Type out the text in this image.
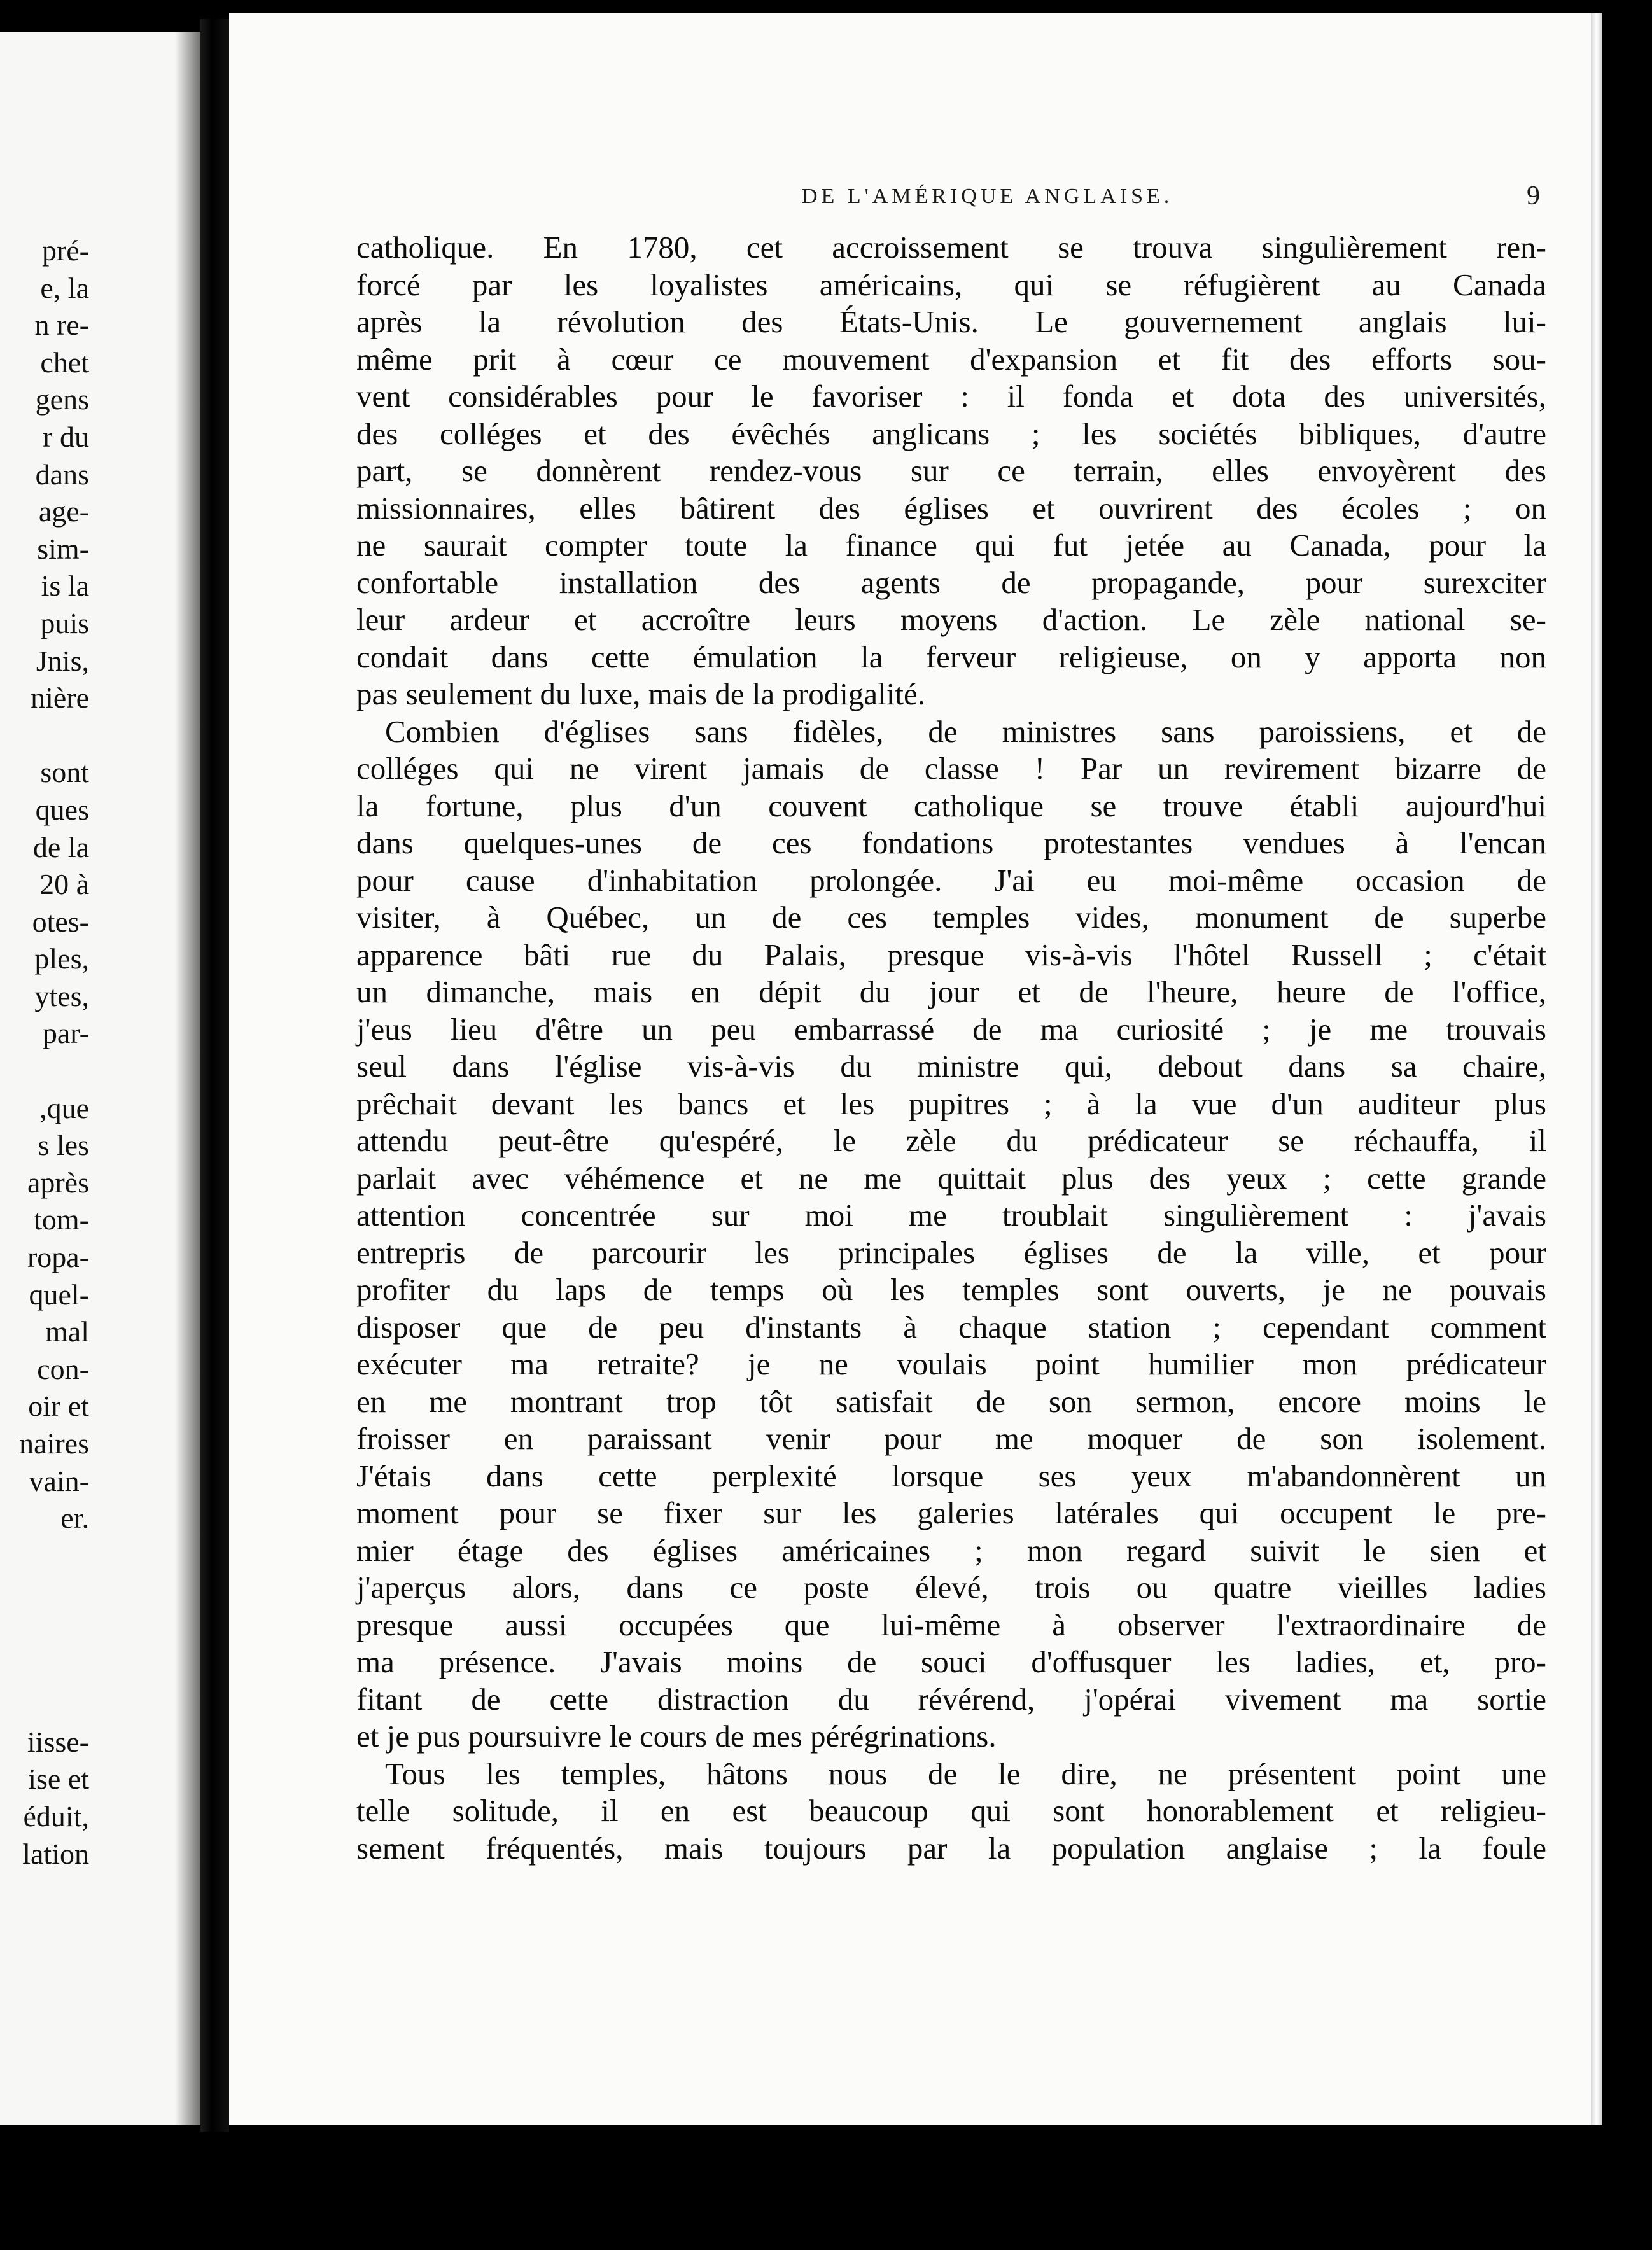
pré-
e, la
n re-
chet
gens
r du
dans
age-
sim-
is la
puis
Jnis,
nière
sont
ques
de la
20 à
otes-
ples,
ytes,
par-
,que
s les
après
tom-
ropa-
quel-
mal
con-
oir et
naires
vain-
er.
iisse-
ise et
éduit,
lation
DE L'AMÉRIQUE ANGLAISE.	9
catholique. En 1780, cet accroissement se trouva singulièrement ren-
forcé par les loyalistes américains, qui se réfugièrent au Canada
après la révolution des États-Unis. Le gouvernement anglais lui-
même prit à cœur ce mouvement d'expansion et fit des efforts sou-
vent considérables pour le favoriser : il fonda et dota des universités,
des colléges et des évêchés anglicans ; les sociétés bibliques, d'autre
part, se donnèrent rendez-vous sur ce terrain, elles envoyèrent des
missionnaires, elles bâtirent des églises et ouvrirent des écoles ; on
ne saurait compter toute la finance qui fut jetée au Canada, pour la
confortable installation des agents de propagande, pour surexciter
leur ardeur et accroître leurs moyens d'action. Le zèle national se-
condait dans cette émulation la ferveur religieuse, on y apporta non
pas seulement du luxe, mais de la prodigalité.
Combien d'églises sans fidèles, de ministres sans paroissiens, et de
colléges qui ne virent jamais de classe ! Par un revirement bizarre de
la fortune, plus d'un couvent catholique se trouve établi aujourd'hui
dans quelques-unes de ces fondations protestantes vendues à l'encan
pour cause d'inhabitation prolongée. J'ai eu moi-même occasion de
visiter, à Québec, un de ces temples vides, monument de superbe
apparence bâti rue du Palais, presque vis-à-vis l'hôtel Russell ; c'était
un dimanche, mais en dépit du jour et de l'heure, heure de l'office,
j'eus lieu d'être un peu embarrassé de ma curiosité ; je me trouvais
seul dans l'église vis-à-vis du ministre qui, debout dans sa chaire,
prêchait devant les bancs et les pupitres ; à la vue d'un auditeur plus
attendu peut-être qu'espéré, le zèle du prédicateur se réchauffa, il
parlait avec véhémence et ne me quittait plus des yeux ; cette grande
attention concentrée sur moi me troublait singulièrement : j'avais
entrepris de parcourir les principales églises de la ville, et pour
profiter du laps de temps où les temples sont ouverts, je ne pouvais
disposer que de peu d'instants à chaque station ; cependant comment
exécuter ma retraite? je ne voulais point humilier mon prédicateur
en me montrant trop tôt satisfait de son sermon, encore moins le
froisser en paraissant venir pour me moquer de son isolement.
J'étais dans cette perplexité lorsque ses yeux m'abandonnèrent un
moment pour se fixer sur les galeries latérales qui occupent le pre-
mier étage des églises américaines ; mon regard suivit le sien et
j'aperçus alors, dans ce poste élevé, trois ou quatre vieilles ladies
presque aussi occupées que lui-même à observer l'extraordinaire de
ma présence. J'avais moins de souci d'offusquer les ladies, et, pro-
fitant de cette distraction du révérend, j'opérai vivement ma sortie
et je pus poursuivre le cours de mes pérégrinations.
Tous les temples, hâtons nous de le dire, ne présentent point une
telle solitude, il en est beaucoup qui sont honorablement et religieu-
sement fréquentés, mais toujours par la population anglaise ; la foule
